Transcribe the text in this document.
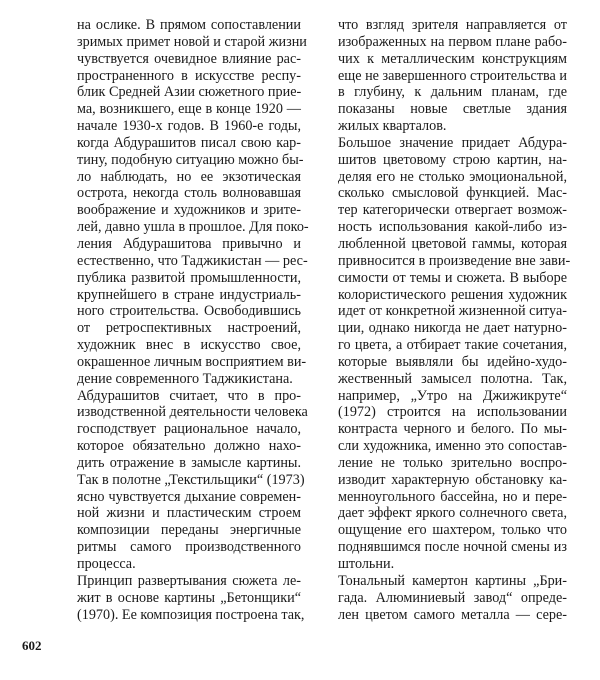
на ослике. В прямом сопоставлении
зримых примет новой и старой жизни
чувствуется очевидное влияние рас-
пространенного в искусстве респу-
блик Средней Азии сюжетного прие-
ма, возникшего, еще в конце 1920 —
начале 1930-х годов. В 1960-е годы,
когда Абдурашитов писал свою кар-
тину, подобную ситуацию можно бы-
ло наблюдать, но ее экзотическая
острота, некогда столь волновавшая
воображение и художников и зрите-
лей, давно ушла в прошлое. Для поко-
ления Абдурашитова привычно и
естественно, что Таджикистан — рес-
публика развитой промышленности,
крупнейшего в стране индустриаль-
ного строительства. Освободившись
от ретроспективных настроений,
художник внес в искусство свое,
окрашенное личным восприятием ви-
дение современного Таджикистана.
Абдурашитов считает, что в про-
изводственной деятельности человека
господствует рациональное начало,
которое обязательно должно нахо-
дить отражение в замысле картины.
Так в полотне „Текстильщики“ (1973)
ясно чувствуется дыхание современ-
ной жизни и пластическим строем
композиции переданы энергичные
ритмы самого производственного
процесса.
Принцип развертывания сюжета ле-
жит в основе картины „Бетонщики“
(1970). Ее композиция построена так,
что взгляд зрителя направляется от
изображенных на первом плане рабо-
чих к металлическим конструкциям
еще не завершенного строительства и
в глубину, к дальним планам, где
показаны новые светлые здания
жилых кварталов.
Большое значение придает Абдура-
шитов цветовому строю картин, на-
деляя его не столько эмоциональной,
сколько смысловой функцией. Мас-
тер категорически отвергает возмож-
ность использования какой-либо из-
любленной цветовой гаммы, которая
привносится в произведение вне зави-
симости от темы и сюжета. В выборе
колористического решения художник
идет от конкретной жизненной ситуа-
ции, однако никогда не дает натурно-
го цвета, а отбирает такие сочетания,
которые выявляли бы идейно-худо-
жественный замысел полотна. Так,
например, „Утро на Джижикруте“
(1972) строится на использовании
контраста черного и белого. По мы-
сли художника, именно это сопостав-
ление не только зрительно воспро-
изводит характерную обстановку ка-
менноугольного бассейна, но и пере-
дает эффект яркого солнечного света,
ощущение его шахтером, только что
поднявшимся после ночной смены из
штольни.
Тональный камертон картины „Бри-
гада. Алюминиевый завод“ опреде-
лен цветом самого металла — сере-
602
